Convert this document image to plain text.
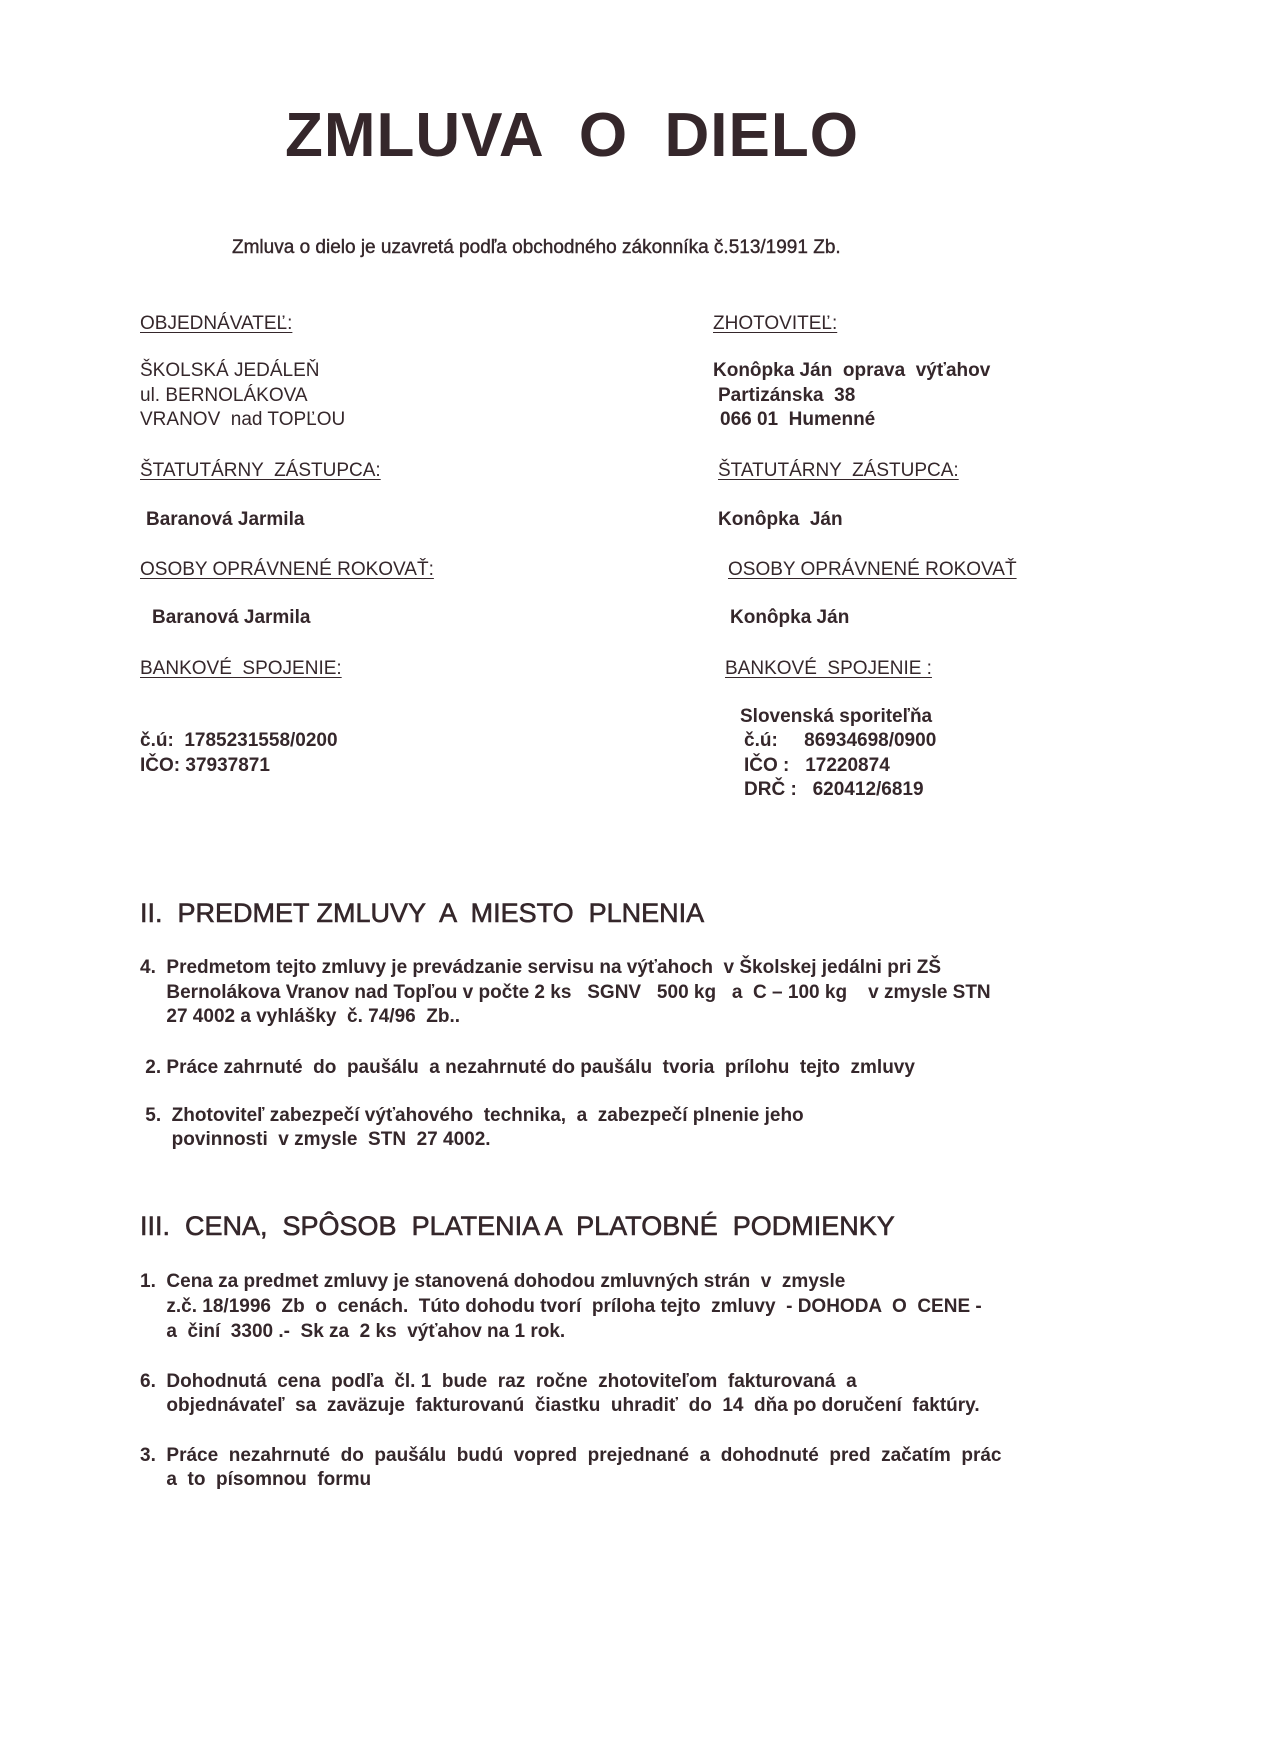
ZMLUVA  O  DIELO
Zmluva o dielo je uzavretá podľa obchodného zákonníka č.513/1991 Zb.
OBJEDNÁVATEĽ:
ŠKOLSKÁ JEDÁLEŇ
ul. BERNOLÁKOVA
VRANOV  nad TOPĽOU
ŠTATUTÁRNY  ZÁSTUPCA:
Baranová Jarmila
OSOBY OPRÁVNENÉ ROKOVAŤ:
Baranová Jarmila
BANKOVÉ  SPOJENIE:
č.ú:  1785231558/0200
IČO: 37937871
ZHOTOVITEĽ:
Konôpka Ján  oprava  výťahov
Partizánska  38
066 01  Humenné
ŠTATUTÁRNY  ZÁSTUPCA:
Konôpka  Ján
OSOBY OPRÁVNENÉ ROKOVAŤ
Konôpka Ján
BANKOVÉ  SPOJENIE :
Slovenská sporiteľňa
č.ú:     86934698/0900
IČO :   17220874
DRČ :   620412/6819
II.  PREDMET ZMLUVY  A  MIESTO  PLNENIA
4.  Predmetom tejto zmluvy je prevádzanie servisu na výťahoch  v Školskej jedálni pri ZŠ
Bernolákova Vranov nad Topľou v počte 2 ks   SGNV   500 kg   a  C – 100 kg    v zmysle STN
27 4002 a vyhlášky  č. 74/96  Zb..
2. Práce zahrnuté  do  paušálu  a nezahrnuté do paušálu  tvoria  prílohu  tejto  zmluvy
5.  Zhotoviteľ zabezpečí výťahového  technika,  a  zabezpečí plnenie jeho
povinnosti  v zmysle  STN  27 4002.
III.  CENA,  SPÔSOB  PLATENIA A  PLATOBNÉ  PODMIENKY
1.  Cena za predmet zmluvy je stanovená dohodou zmluvných strán  v  zmysle
z.č. 18/1996  Zb  o  cenách.  Túto dohodu tvorí  príloha tejto  zmluvy  - DOHODA  O  CENE -
a  činí  3300 .-  Sk za  2 ks  výťahov na 1 rok.
6.  Dohodnutá  cena  podľa  čl. 1  bude  raz  ročne  zhotoviteľom  fakturovaná  a
objednávateľ  sa  zaväzuje  fakturovanú  čiastku  uhradiť  do  14  dňa po doručení  faktúry.
3.  Práce  nezahrnuté  do  paušálu  budú  vopred  prejednané  a  dohodnuté  pred  začatím  prác
a  to  písomnou  formu
